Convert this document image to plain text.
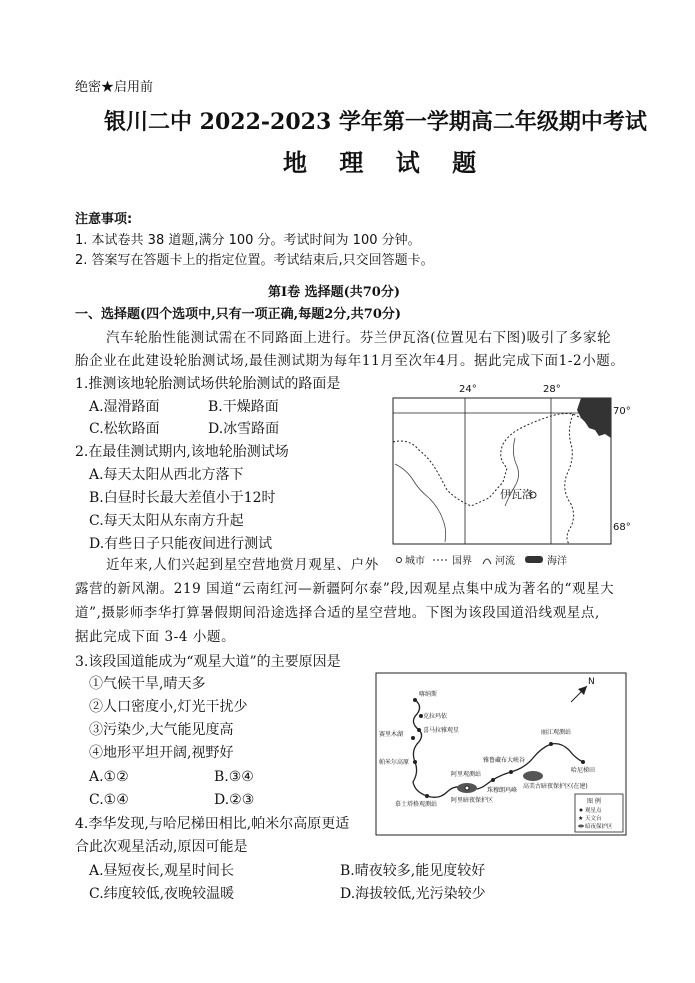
绝密★启用前
银川二中 2022-2023 学年第一学期高二年级期中考试
地 理 试 题
注意事项:
1. 本试卷共 38 道题,满分 100 分。考试时间为 100 分钟。
2. 答案写在答题卡上的指定位置。考试结束后,只交回答题卡。
第Ⅰ卷 选择题(共70分)
一、选择题(四个选项中,只有一项正确,每题2分,共70分)
汽车轮胎性能测试需在不同路面上进行。芬兰伊瓦洛(位置见右下图)吸引了多家轮
胎企业在此建设轮胎测试场,最佳测试期为每年11月至次年4月。据此完成下面1-2小题。
1.推测该地轮胎测试场供轮胎测试的路面是
A.湿滑路面	B.干燥路面
C.松软路面	D.冰雪路面
2.在最佳测试期内,该地轮胎测试场
A.每天太阳从西北方落下
B.白昼时长最大差值小于12时
C.每天太阳从东南方升起
D.有些日子只能夜间进行测试
伊瓦洛
24°	28°
70°
68°
城市	国界 河流	海洋
近年来,人们兴起到星空营地赏月观星、户外
露营的新风潮。219 国道“云南红河—新疆阿尔泰”段,因观星点集中成为著名的“观星大
道”,摄影师李华打算暑假期间沿途选择合适的星空营地。下图为该段国道沿线观星点,
据此完成下面 3-4 小题。
3.该段国道能成为“观星大道”的主要原因是
①气候干旱,晴天多
②人口密度小,灯光干扰少
③污染少,大气能见度高
④地形平坦开阔,视野好
A.①②	B.③④
C.①④	D.②③
4.李华发现,与哈尼梯田相比,帕米尔高原更适
合此次观星活动,原因可能是
A.昼短夜长,观星时间长	B.晴夜较多,能见度较好
C.纬度较低,夜晚较温暖	D.海拔较低,光污染较少
N
喀纳斯
克拉玛依
喜马拉雅观星
赛里木湖
帕米尔高原
阿里观测站
慕士塔格观测站
阿里暗夜保护区
雅鲁藏布大峡谷
珠穆朗玛峰
丽江观测站
哈尼梯田
高美古暗夜保护区(在建)
图 例
观星点
★ 天文台
暗夜保护区
